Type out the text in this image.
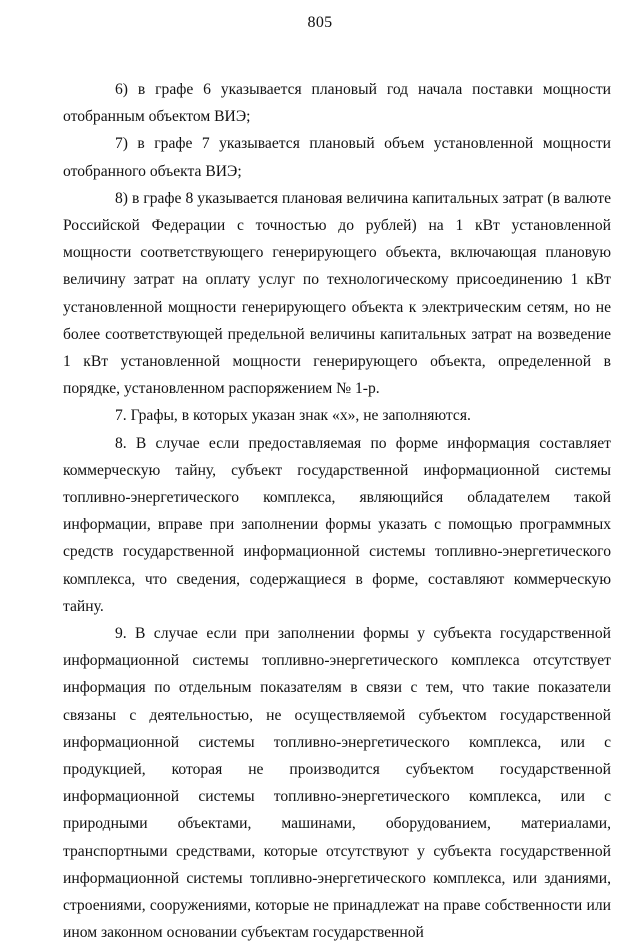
805

6) в графе 6 указывается плановый год начала поставки мощности отобранным объектом ВИЭ;

7) в графе 7 указывается плановый объем установленной мощности отобранного объекта ВИЭ;

8) в графе 8 указывается плановая величина капитальных затрат (в валюте Российской Федерации с точностью до рублей) на 1 кВт установленной мощности соответствующего генерирующего объекта, включающая плановую величину затрат на оплату услуг по технологическому присоединению 1 кВт установленной мощности генерирующего объекта к электрическим сетям, но не более соответствующей предельной величины капитальных затрат на возведение 1 кВт установленной мощности генерирующего объекта, определенной в порядке, установленном распоряжением № 1-р.

7. Графы, в которых указан знак «х», не заполняются.

8. В случае если предоставляемая по форме информация составляет коммерческую тайну, субъект государственной информационной системы топливно-энергетического комплекса, являющийся обладателем такой информации, вправе при заполнении формы указать с помощью программных средств государственной информационной системы топливно-энергетического комплекса, что сведения, содержащиеся в форме, составляют коммерческую тайну.

9. В случае если при заполнении формы у субъекта государственной информационной системы топливно-энергетического комплекса отсутствует информация по отдельным показателям в связи с тем, что такие показатели связаны с деятельностью, не осуществляемой субъектом государственной информационной системы топливно-энергетического комплекса, или с продукцией, которая не производится субъектом государственной информационной системы топливно-энергетического комплекса, или с природными объектами, машинами, оборудованием, материалами, транспортными средствами, которые отсутствуют у субъекта государственной информационной системы топливно-энергетического комплекса, или зданиями, строениями, сооружениями, которые не принадлежат на праве собственности или ином законном основании субъектам государственной
